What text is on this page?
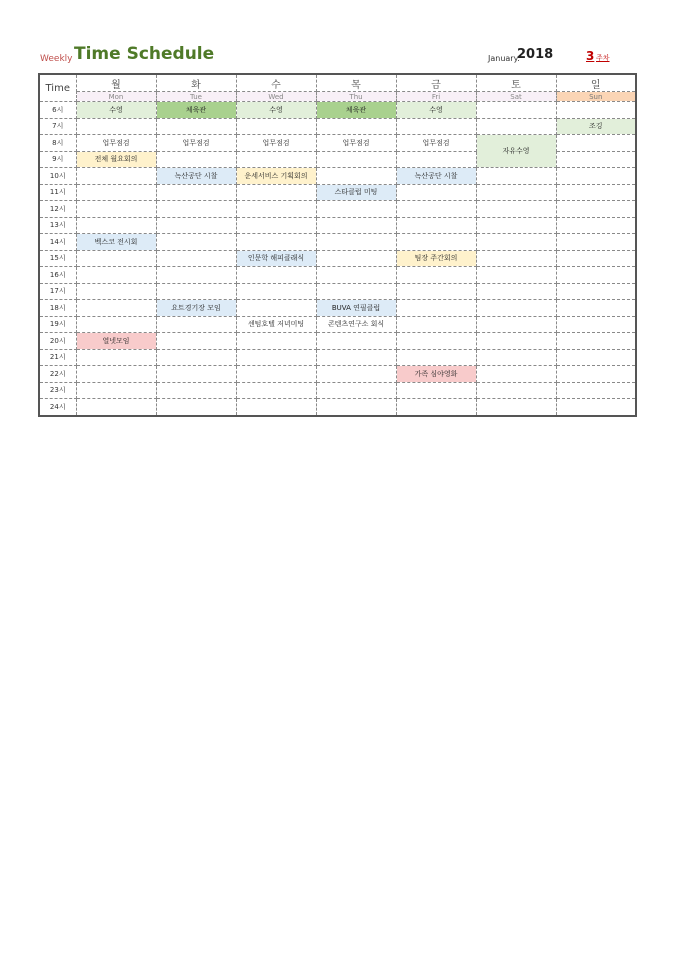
Weekly Time Schedule	January.
2018	3 주차
Time	월	화	수	목	금	토	일
	Mon	Tue	Wed	Thu	Fri	Sat	Sun
6시	수영	체육관	수영	체육관	수영		
7시							조깅
8시	업무점검	업무점검	업무점검	업무점검	업무점검	자유수영	
9시	전체 월요회의						
10시		녹산공단 시찰	운세서비스 기획회의		녹산공단 시찰		
11시				스타클럽 미팅			
12시							
13시							
14시	벡스코 전시회						
15시			인문학 해피클래식		팀장 주간회의		
16시							
17시							
18시		요트경기장 모임		BUVA 연필클럽			
19시			센텀호텔 저녁미팅	콘텐츠연구소 회식			
20시	열넷모임						
21시							
22시					가족 심야영화		
23시							
24시							
